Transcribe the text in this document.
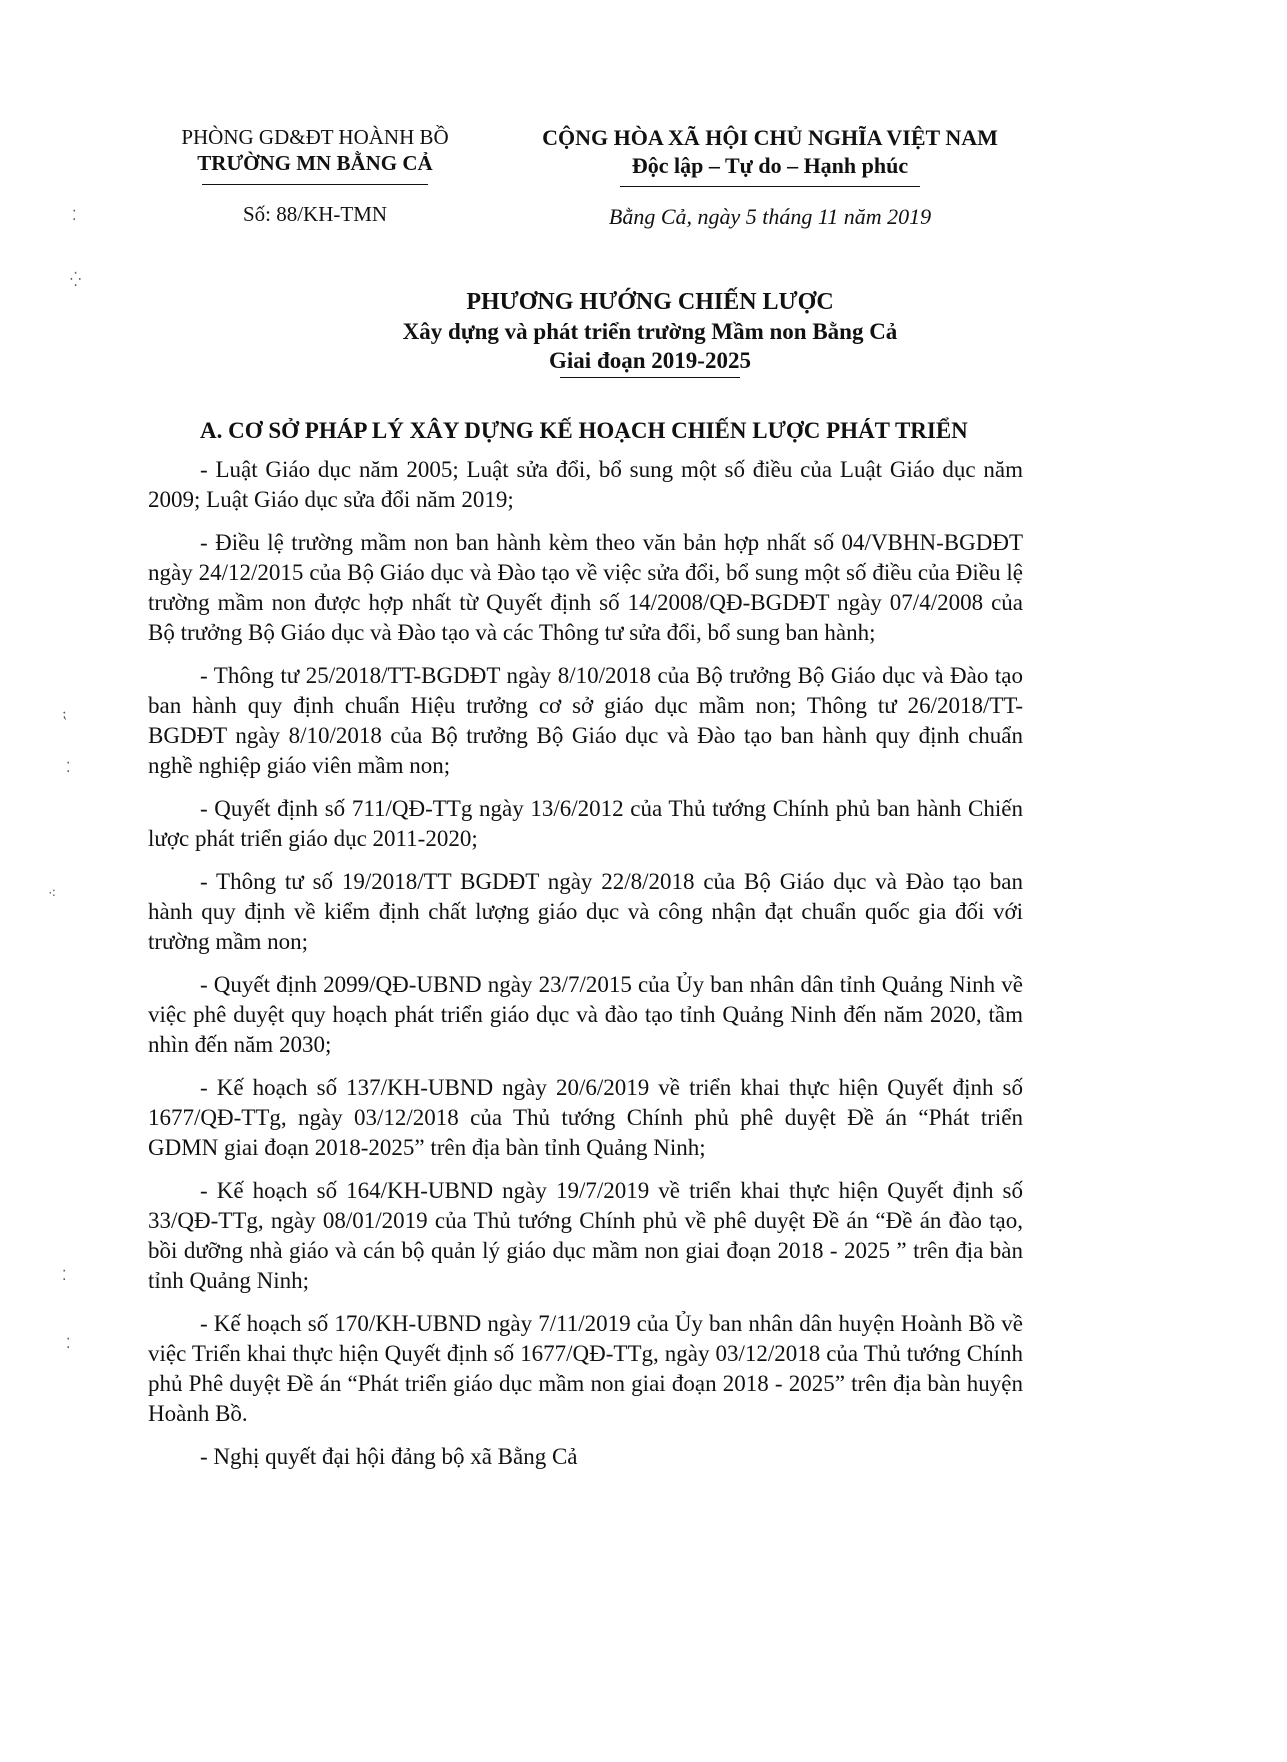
PHÒNG GD&ĐT HOÀNH BỒ
TRƯỜNG MN BẰNG CẢ
Số: 88/KH-TMN
CỘNG HÒA XÃ HỘI CHỦ NGHĨA VIỆT NAM
Độc lập – Tự do – Hạnh phúc
Bằng Cả, ngày 5 tháng 11 năm 2019
PHƯƠNG HƯỚNG CHIẾN LƯỢC
Xây dựng và phát triển trường Mầm non Bằng Cả
Giai đoạn 2019-2025
A. CƠ SỞ PHÁP LÝ XÂY DỰNG KẾ HOẠCH CHIẾN LƯỢC PHÁT TRIỂN

- Luật Giáo dục năm 2005; Luật sửa đổi, bổ sung một số điều của Luật Giáo dục năm 2009; Luật Giáo dục sửa đổi năm 2019;

- Điều lệ trường mầm non ban hành kèm theo văn bản hợp nhất số 04/VBHN-BGDĐT ngày 24/12/2015 của Bộ Giáo dục và Đào tạo về việc sửa đổi, bổ sung một số điều của Điều lệ trường mầm non được hợp nhất từ Quyết định số 14/2008/QĐ-BGDĐT ngày 07/4/2008 của Bộ trưởng Bộ Giáo dục và Đào tạo và các Thông tư sửa đổi, bổ sung ban hành;

- Thông tư 25/2018/TT-BGDĐT ngày 8/10/2018 của Bộ trưởng Bộ Giáo dục và Đào tạo ban hành quy định chuẩn Hiệu trưởng cơ sở giáo dục mầm non; Thông tư 26/2018/TT-BGDĐT ngày 8/10/2018 của Bộ trưởng Bộ Giáo dục và Đào tạo ban hành quy định chuẩn nghề nghiệp giáo viên mầm non;

- Quyết định số 711/QĐ-TTg ngày 13/6/2012 của Thủ tướng Chính phủ ban hành Chiến lược phát triển giáo dục 2011-2020;

- Thông tư số 19/2018/TT BGDĐT ngày 22/8/2018 của Bộ Giáo dục và Đào tạo ban hành quy định về kiểm định chất lượng giáo dục và công nhận đạt chuẩn quốc gia đối với trường mầm non;

- Quyết định 2099/QĐ-UBND ngày 23/7/2015 của Ủy ban nhân dân tỉnh Quảng Ninh về việc phê duyệt quy hoạch phát triển giáo dục và đào tạo tỉnh Quảng Ninh đến năm 2020, tầm nhìn đến năm 2030;

- Kế hoạch số 137/KH-UBND ngày 20/6/2019 về triển khai thực hiện Quyết định số 1677/QĐ-TTg, ngày 03/12/2018 của Thủ tướng Chính phủ phê duyệt Đề án “Phát triển GDMN giai đoạn 2018-2025” trên địa bàn tỉnh Quảng Ninh;

- Kế hoạch số 164/KH-UBND ngày 19/7/2019 về triển khai thực hiện Quyết định số 33/QĐ-TTg, ngày 08/01/2019 của Thủ tướng Chính phủ về phê duyệt Đề án “Đề án đào tạo, bồi dưỡng nhà giáo và cán bộ quản lý giáo dục mầm non giai đoạn 2018 - 2025 ” trên địa bàn tỉnh Quảng Ninh;

- Kế hoạch số 170/KH-UBND ngày 7/11/2019 của Ủy ban nhân dân huyện Hoành Bồ về việc Triển khai thực hiện Quyết định số 1677/QĐ-TTg, ngày 03/12/2018 của Thủ tướng Chính phủ Phê duyệt Đề án “Phát triển giáo dục mầm non giai đoạn 2018 - 2025” trên địa bàn huyện Hoành Bồ.

- Nghị quyết đại hội đảng bộ xã Bằng Cả

⁚
⁛
⁏
⁚
⁖
⁚
⁚
